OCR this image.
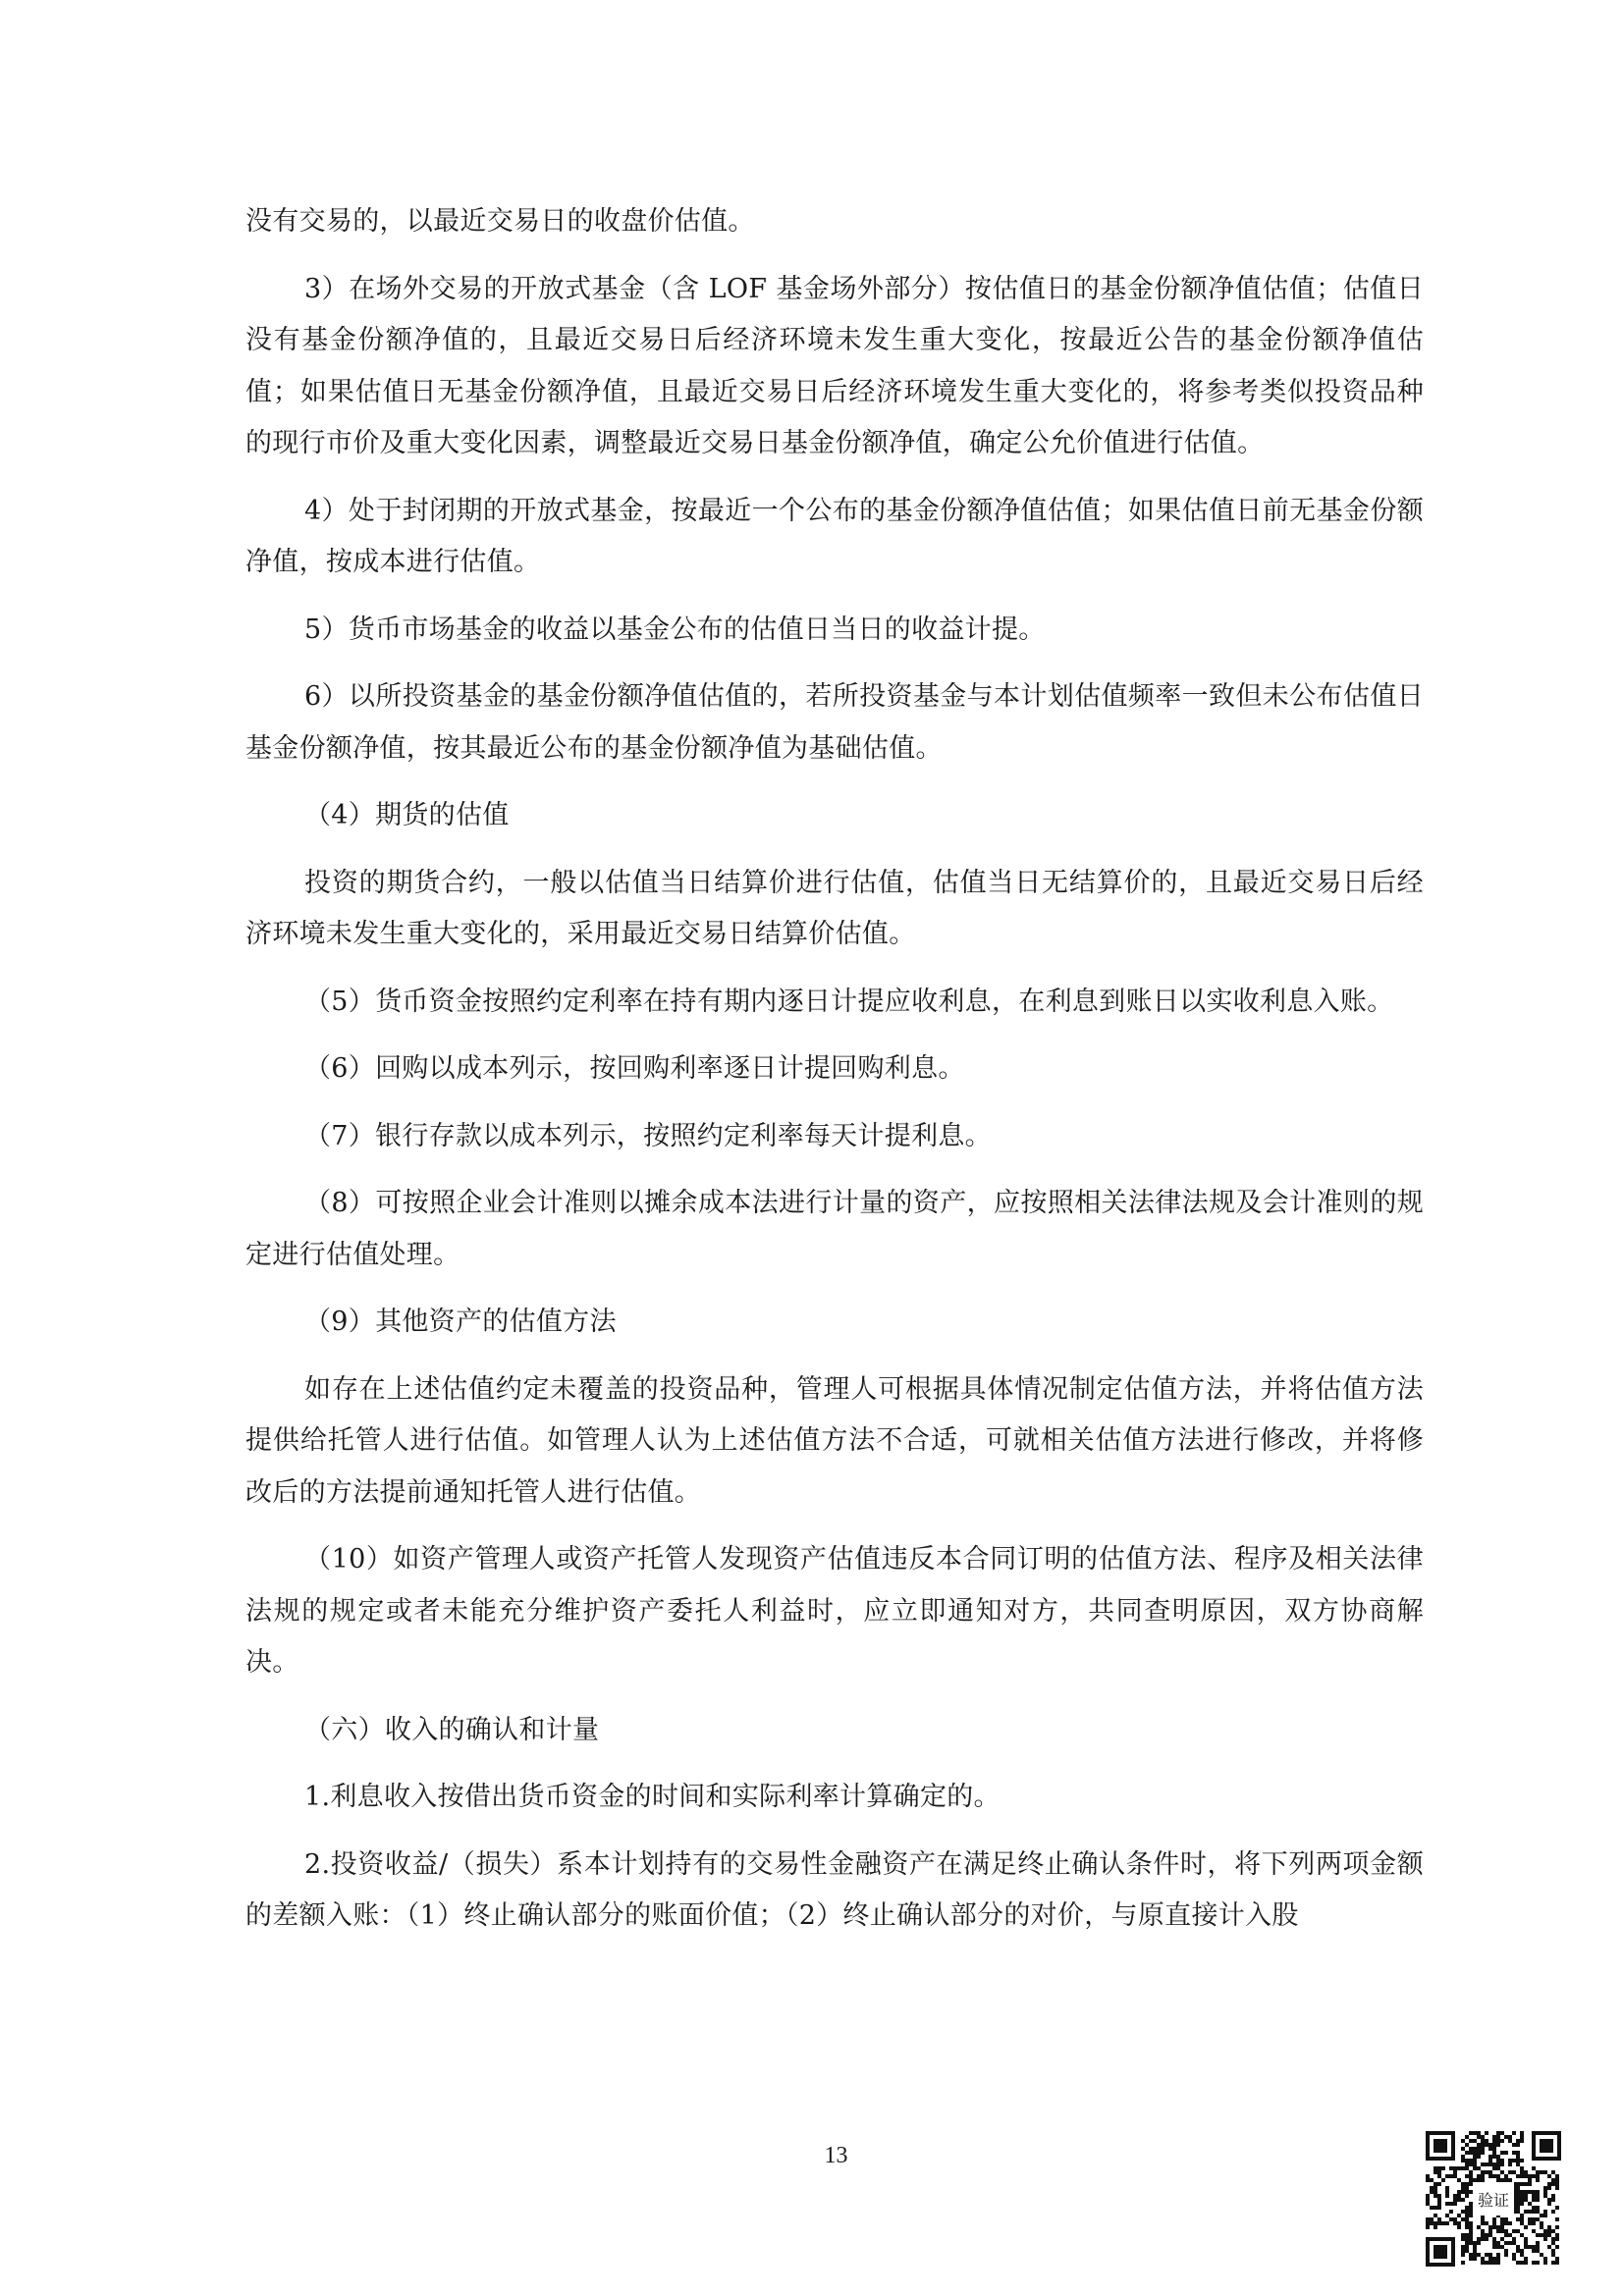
没有交易的，以最近交易日的收盘价估值。

3）在场外交易的开放式基金（含 LOF 基金场外部分）按估值日的基金份额净值估值；估值日没有基金份额净值的，且最近交易日后经济环境未发生重大变化，按最近公告的基金份额净值估值；如果估值日无基金份额净值，且最近交易日后经济环境发生重大变化的，将参考类似投资品种的现行市价及重大变化因素，调整最近交易日基金份额净值，确定公允价值进行估值。

4）处于封闭期的开放式基金，按最近一个公布的基金份额净值估值；如果估值日前无基金份额净值，按成本进行估值。

5）货币市场基金的收益以基金公布的估值日当日的收益计提。

6）以所投资基金的基金份额净值估值的，若所投资基金与本计划估值频率一致但未公布估值日基金份额净值，按其最近公布的基金份额净值为基础估值。

（4）期货的估值

投资的期货合约，一般以估值当日结算价进行估值，估值当日无结算价的，且最近交易日后经济环境未发生重大变化的，采用最近交易日结算价估值。

（5）货币资金按照约定利率在持有期内逐日计提应收利息，在利息到账日以实收利息入账。

（6）回购以成本列示，按回购利率逐日计提回购利息。

（7）银行存款以成本列示，按照约定利率每天计提利息。

（8）可按照企业会计准则以摊余成本法进行计量的资产，应按照相关法律法规及会计准则的规定进行估值处理。

（9）其他资产的估值方法

如存在上述估值约定未覆盖的投资品种，管理人可根据具体情况制定估值方法，并将估值方法提供给托管人进行估值。如管理人认为上述估值方法不合适，可就相关估值方法进行修改，并将修改后的方法提前通知托管人进行估值。

（10）如资产管理人或资产托管人发现资产估值违反本合同订明的估值方法、程序及相关法律法规的规定或者未能充分维护资产委托人利益时，应立即通知对方，共同查明原因，双方协商解决。

（六）收入的确认和计量

1.利息收入按借出货币资金的时间和实际利率计算确定的。

2.投资收益/（损失）系本计划持有的交易性金融资产在满足终止确认条件时，将下列两项金额的差额入账：（1）终止确认部分的账面价值；（2）终止确认部分的对价，与原直接计入股

13
验证
